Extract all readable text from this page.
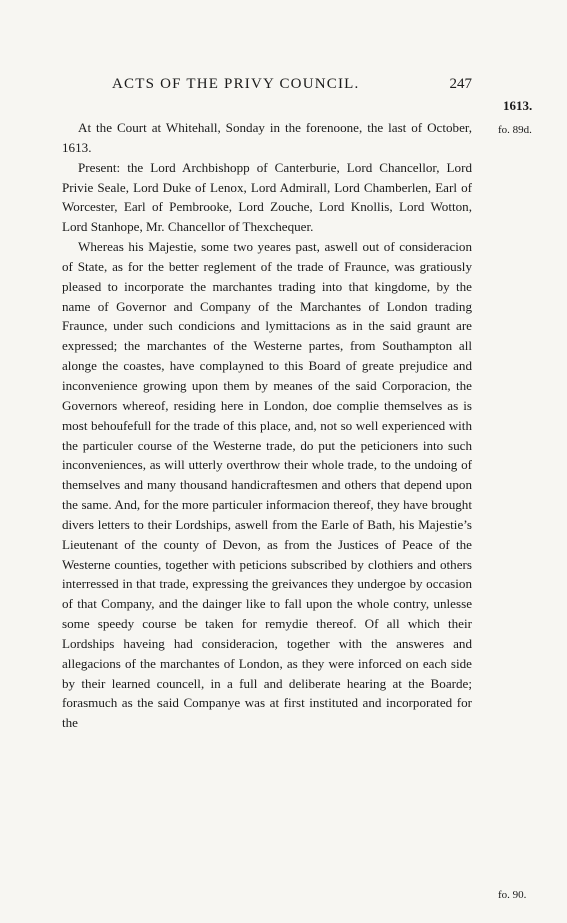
ACTS OF THE PRIVY COUNCIL.	247
1613.
fo. 89d.
fo. 90.

At the Court at Whitehall, Sonday in the forenoone, the last of October, 1613.

Present: the Lord Archbishopp of Canterburie, Lord Chancellor, Lord Privie Seale, Lord Duke of Lenox, Lord Admirall, Lord Chamberlen, Earl of Worcester, Earl of Pembrooke, Lord Zouche, Lord Knollis, Lord Wotton, Lord Stanhope, Mr. Chancellor of Thexchequer.

Whereas his Majestie, some two yeares past, aswell out of consideracion of State, as for the better reglement of the trade of Fraunce, was gratiously pleased to incorporate the marchantes trading into that kingdome, by the name of Governor and Company of the Marchantes of London trading Fraunce, under such condicions and lymittacions as in the said graunt are expressed; the marchantes of the Westerne partes, from Southampton all alonge the coastes, have complayned to this Board of greate prejudice and inconvenience growing upon them by meanes of the said Corporacion, the Governors whereof, residing here in London, doe complie themselves as is most behoufefull for the trade of this place, and, not so well experienced with the particuler course of the Westerne trade, do put the peticioners into such inconveniences, as will utterly overthrow their whole trade, to the undoing of themselves and many thousand handicraftesmen and others that depend upon the same. And, for the more particuler informacion thereof, they have brought divers letters to their Lordships, aswell from the Earle of Bath, his Majestie’s Lieutenant of the county of Devon, as from the Justices of Peace of the Westerne counties, together with peticions subscribed by clothiers and others interressed in that trade, expressing the greivances they undergoe by occasion of that Company, and the dainger like to fall upon the whole contry, unlesse some speedy course be taken for remydie thereof. Of all which their Lordships haveing had consideracion, together with the answeres and allegacions of the marchantes of London, as they were inforced on each side by their learned councell, in a full and deliberate hearing at the Boarde; forasmuch as the said Companye was at first instituted and incorporated for the
